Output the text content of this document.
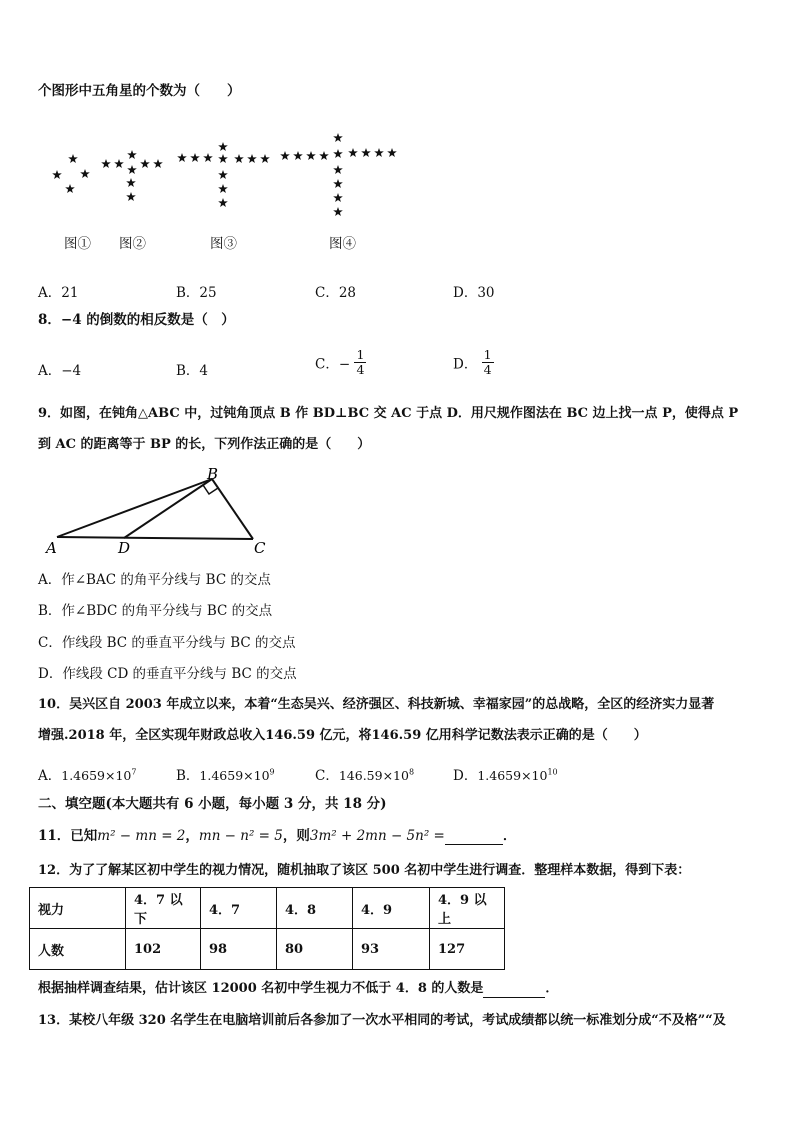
个图形中五角星的个数为（　　）
图① 图②	图③	图④
A．21	B．25	C．28	D．30
8．−4 的倒数的相反数是（　）
A．−4	B．4	C．− $\frac{1}{4}$	D． $\frac{1}{4}$
9．如图，在钝角△ABC 中，过钝角顶点 B 作 BD⊥BC 交 AC 于点 D．用尺规作图法在 BC 边上找一点 P，使得点 P
到 AC 的距离等于 BP 的长，下列作法正确的是（　　）
A
B
C
D
A．作∠BAC 的角平分线与 BC 的交点
B．作∠BDC 的角平分线与 BC 的交点
C．作线段 BC 的垂直平分线与 BC 的交点
D．作线段 CD 的垂直平分线与 BC 的交点
10．吴兴区自 2003 年成立以来，本着“生态吴兴、经济强区、科技新城、幸福家园”的总战略，全区的经济实力显著
增强.2018 年，全区实现年财政总收入146.59 亿元，将146.59 亿用科学记数法表示正确的是（　　）
A．$1.4659\times 10^7$	B．$1.4659\times 10^9$	C．$146.59\times 10^8$	D．$1.4659\times 10^{10}$
二、填空题(本大题共有 6 小题，每小题 3 分，共 18 分)
11．已知m² − mn = 2，mn − n² = 5，则3m² + 2mn − 5n² =	．
12．为了了解某区初中学生的视力情况，随机抽取了该区 500 名初中学生进行调查．整理样本数据，得到下表：
视力	4．7 以下	4．7	4．8	4．9	4．9 以上
人数	102	98	80	93	127
根据抽样调查结果，估计该区 12000 名初中学生视力不低于 4．8 的人数是	．
13．某校八年级 320 名学生在电脑培训前后各参加了一次水平相同的考试，考试成绩都以统一标准划分成“不及格”“及
